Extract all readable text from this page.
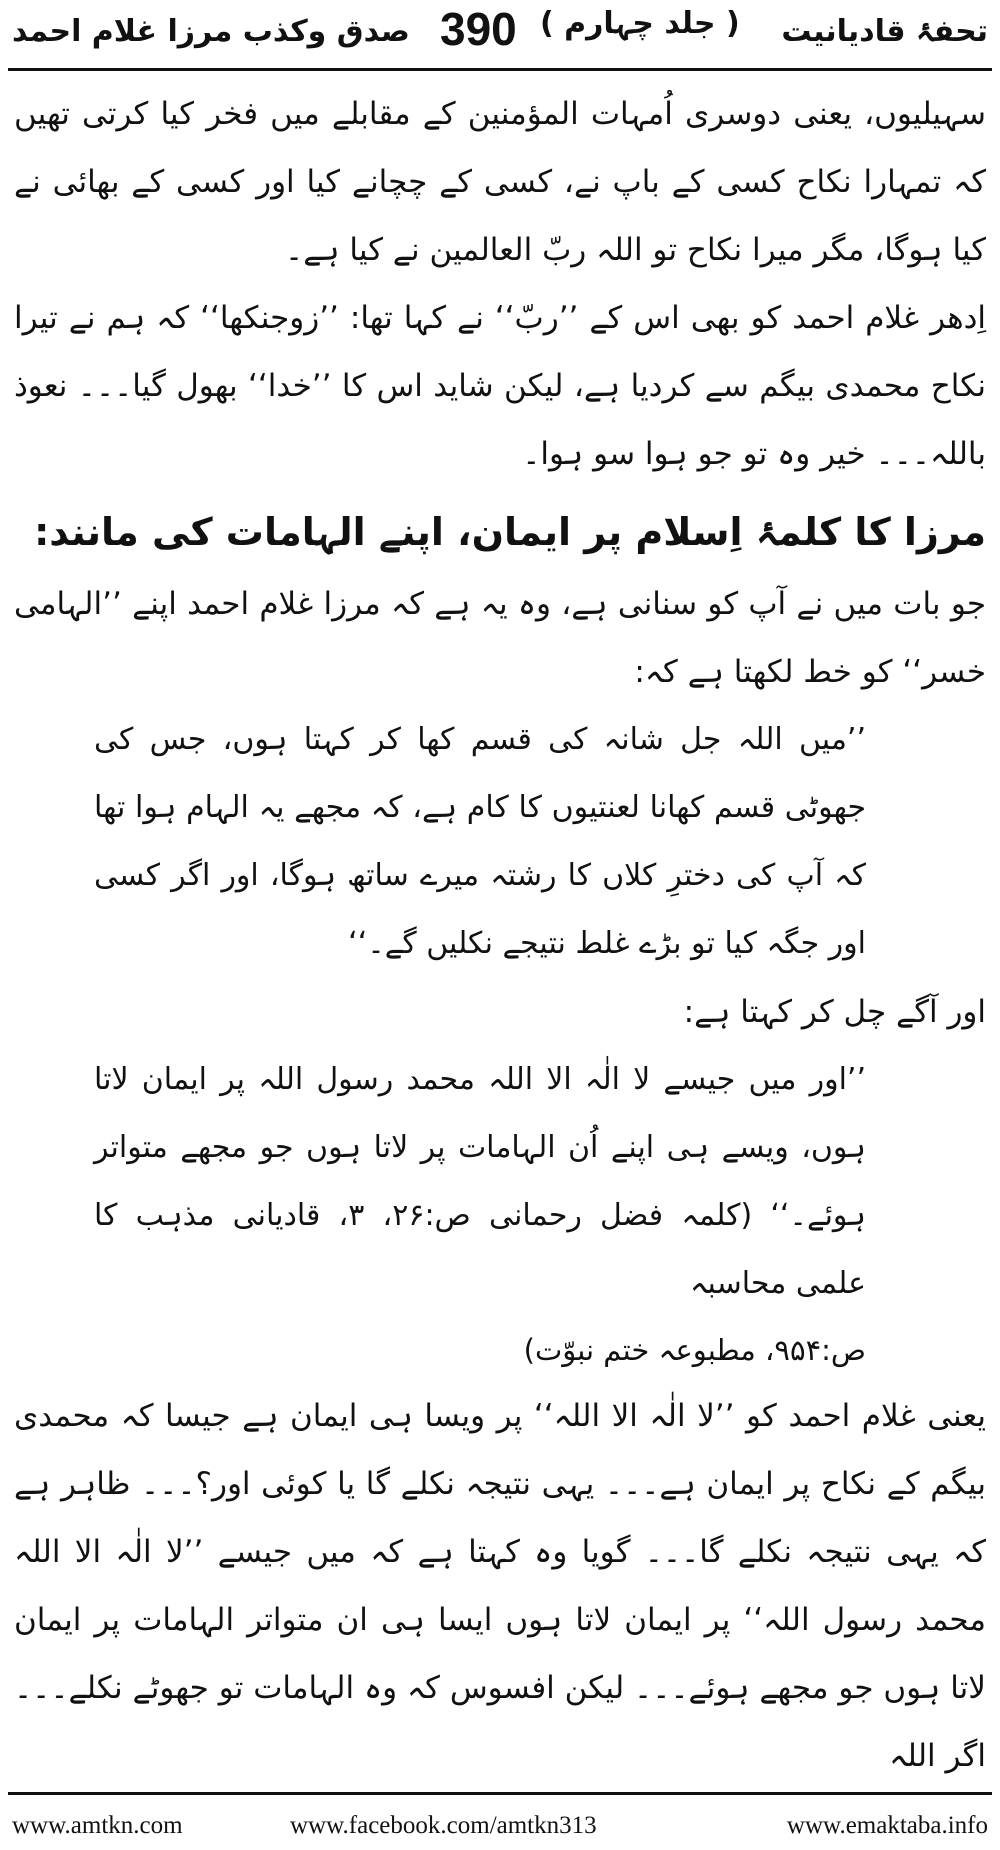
تحفۂ قادیانیت
( جلد چہارم )
390
صدق وکذب مرزا غلام احمد

سہیلیوں، یعنی دوسری اُمہات المؤمنین کے مقابلے میں فخر کیا کرتی تھیں کہ تمہارا نکاح کسی کے باپ نے، کسی کے چچانے کیا اور کسی کے بھائی نے کیا ہوگا، مگر میرا نکاح تو اللہ ربّ العالمین نے کیا ہے۔

اِدھر غلام احمد کو بھی اس کے ’’ربّ‘‘ نے کہا تھا: ’’زوجنکھا‘‘ کہ ہم نے تیرا نکاح محمدی بیگم سے کردیا ہے، لیکن شاید اس کا ’’خدا‘‘ بھول گیا۔۔۔ نعوذ باللہ۔۔۔ خیر وہ تو جو ہوا سو ہوا۔

مرزا کا کلمۂ اِسلام پر ایمان، اپنے الہامات کی مانند:

جو بات میں نے آپ کو سنانی ہے، وہ یہ ہے کہ مرزا غلام احمد اپنے ’’الہامی خسر‘‘ کو خط لکھتا ہے کہ:

’’میں اللہ جل شانہ کی قسم کھا کر کہتا ہوں، جس کی جھوٹی قسم کھانا لعنتیوں کا کام ہے، کہ مجھے یہ الہام ہوا تھا کہ آپ کی دخترِ کلاں کا رشتہ میرے ساتھ ہوگا، اور اگر کسی اور جگہ کیا تو بڑے غلط نتیجے نکلیں گے۔‘‘

اور آگے چل کر کہتا ہے:

’’اور میں جیسے لا الٰہ الا اللہ محمد رسول اللہ پر ایمان لاتا ہوں، ویسے ہی اپنے اُن الہامات پر لاتا ہوں جو مجھے متواتر ہوئے۔‘‘ (کلمہ فضل رحمانی ص:۲۶، ۳، قادیانی مذہب کا علمی محاسبہ

ص:۹۵۴، مطبوعہ ختم نبوّت)

یعنی غلام احمد کو ’’لا الٰہ الا اللہ‘‘ پر ویسا ہی ایمان ہے جیسا کہ محمدی بیگم کے نکاح پر ایمان ہے۔۔۔ یہی نتیجہ نکلے گا یا کوئی اور؟۔۔۔ ظاہر ہے کہ یہی نتیجہ نکلے گا۔۔۔ گویا وہ کہتا ہے کہ میں جیسے ’’لا الٰہ الا اللہ محمد رسول اللہ‘‘ پر ایمان لاتا ہوں ایسا ہی ان متواتر الہامات پر ایمان لاتا ہوں جو مجھے ہوئے۔۔۔ لیکن افسوس کہ وہ الہامات تو جھوٹے نکلے۔۔۔ اگر اللہ

www.amtkn.com	www.facebook.com/amtkn313	www.emaktaba.info
